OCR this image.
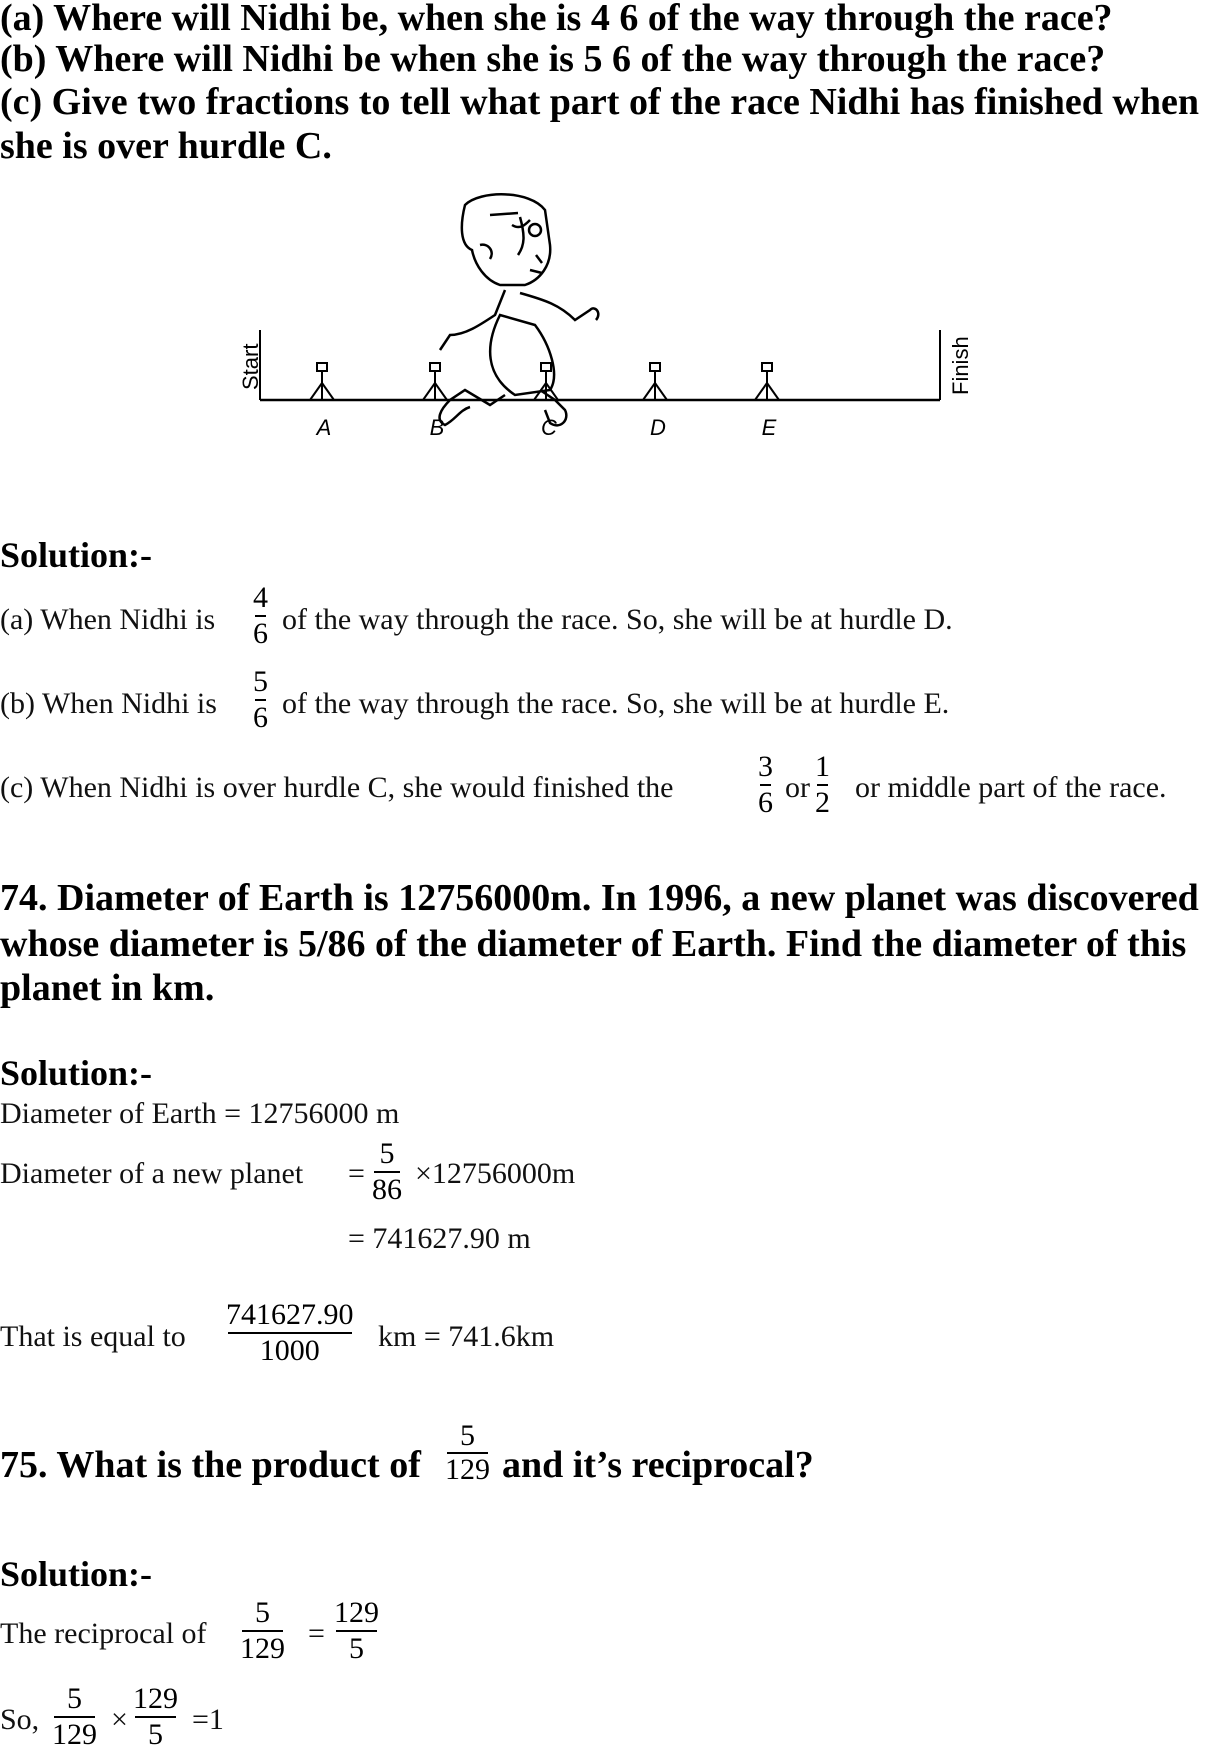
(a) Where will Nidhi be, when she is 4 6 of the way through the race?
(b) Where will Nidhi be when she is 5 6 of the way through the race?
(c) Give two fractions to tell what part of the race Nidhi has finished when
she is over hurdle C.
Start	Finish
A	B	C	D	E
Solution:-
(a) When Nidhi is
4
6 of the way through the race. So, she will be at hurdle D.
(b) When Nidhi is
5
6 of the way through the race. So, she will be at hurdle E.
(c) When Nidhi is over hurdle C, she would finished the
3
6 or
1
2 or middle part of the race.
74. Diameter of Earth is 12756000m. In 1996, a new planet was discovered
whose diameter is 5/86 of the diameter of Earth. Find the diameter of this
planet in km.
Solution:-
Diameter of Earth = 12756000 m
Diameter of a new planet =
5
86 ×12756000m
= 741627.90 m
That is equal to
741627.90
1000	km = 741.6km
75. What is the product of
5
129 and it’s reciprocal?
Solution:-
The reciprocal of
5
129 =
129
5
So,
5
129 ×
129
5 =1
